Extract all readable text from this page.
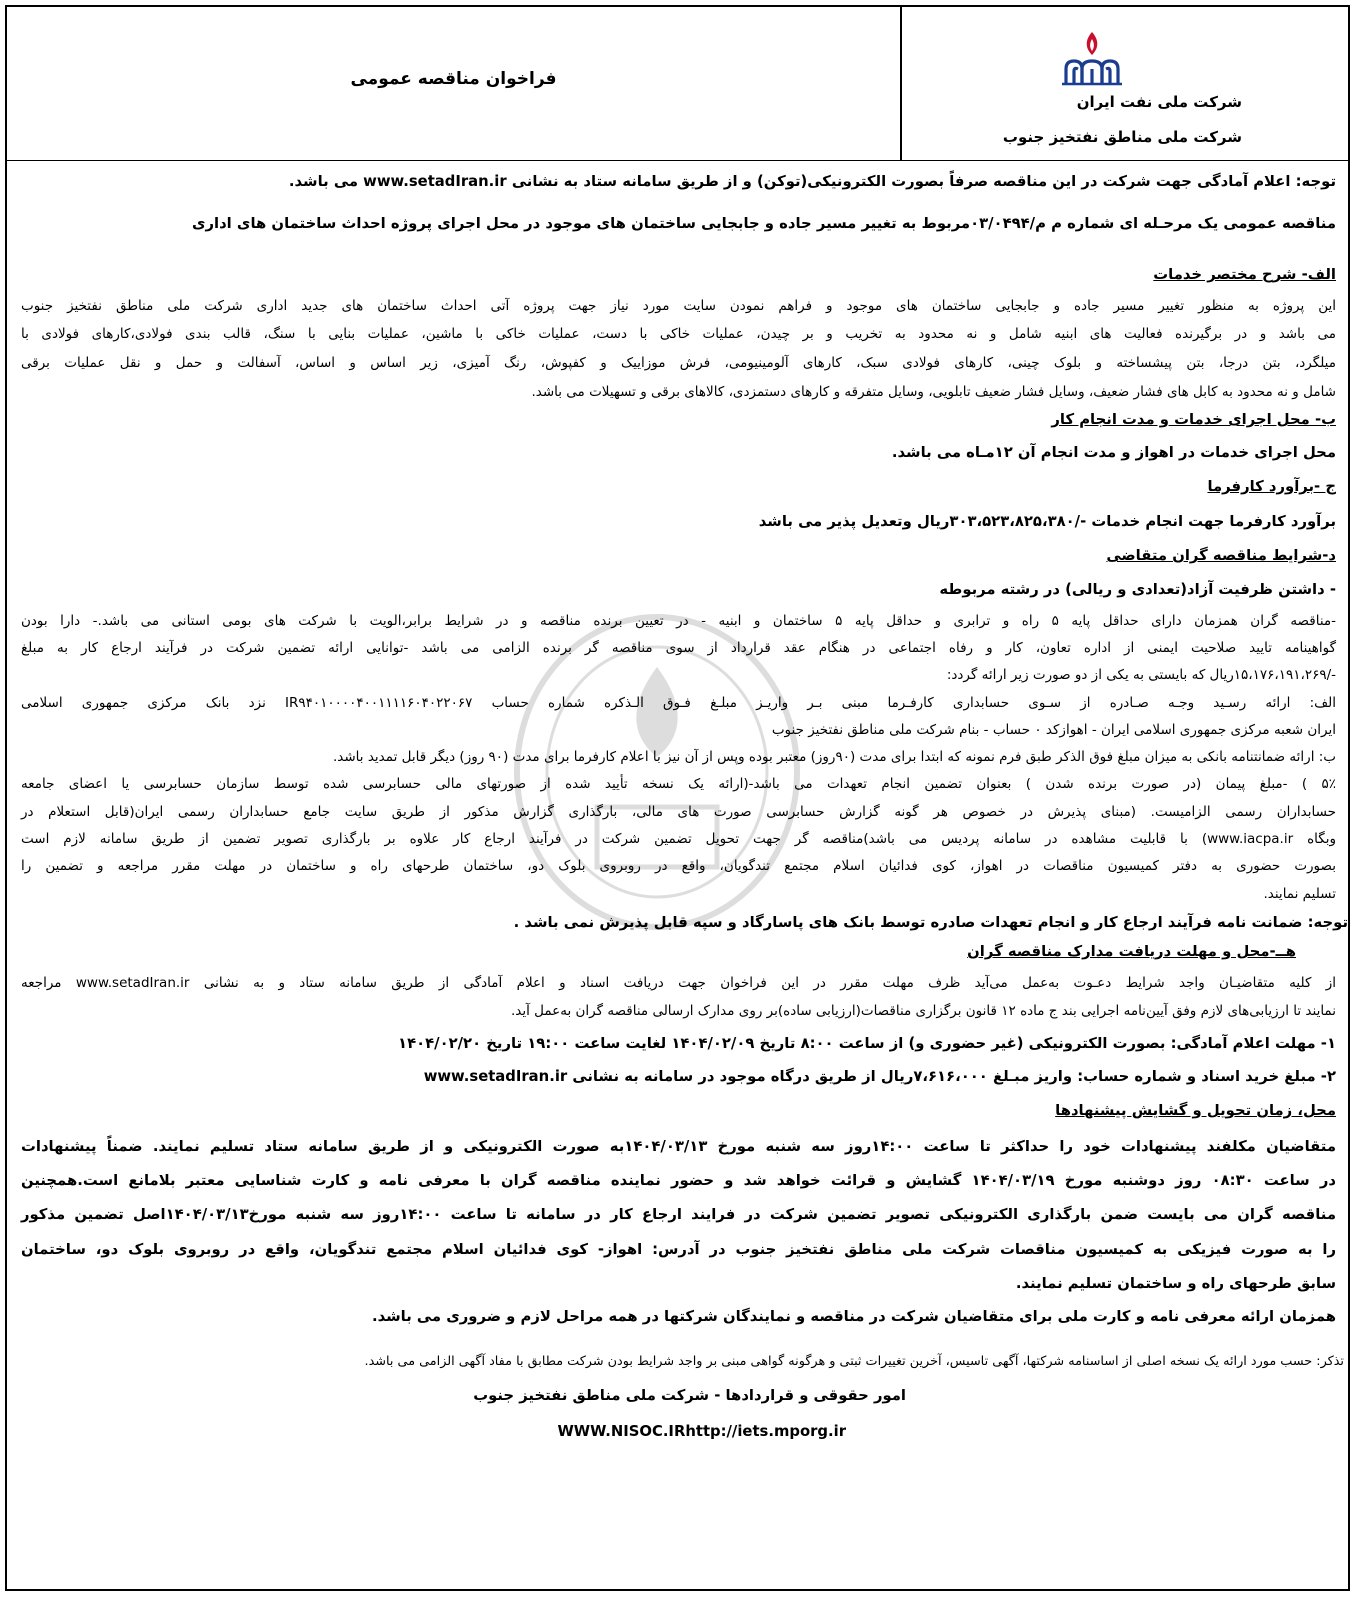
فراخوان مناقصه عمومی
شرکت ملی نفت ایران
شرکت ملی مناطق نفتخیز جنوب
توجه: اعلام آمادگی جهت شرکت در این مناقصه صرفاً بصورت الکترونیکی(توکن) و از طریق سامانه ستاد به نشانی www.setadIran.ir می باشد.
مناقصه عمومی یک مرحـله ای شماره م م/۰۳/۰۴۹۴مربوط به تغییر مسیر جاده و جابجایی ساختمان های موجود در محل اجرای پروژه احداث ساختمان های اداری
الف- شرح مختصر خدمات
این پروژه به منظور تغییر مسیر جاده و جابجایی ساختمان های موجود و فراهم نمودن سایت مورد نیاز جهت پروژه آتی احداث ساختمان های جدید اداری شرکت ملی مناطق نفتخیز جنوب
می باشد و در برگیرنده فعالیت های ابنیه شامل و نه محدود به تخریب و بر چیدن، عملیات خاکی با دست، عملیات خاکی با ماشین، عملیات بنایی با سنگ، قالب بندی فولادی،کارهای فولادی با
میلگرد، بتن درجا، بتن پیشساخته و بلوک چینی، کارهای فولادی سبک، کارهای آلومینیومی، فرش موزاییک و کفپوش، رنگ آمیزی، زیر اساس و اساس، آسفالت و حمل و نقل عملیات برقی
شامل و نه محدود به کابل های فشار ضعیف، وسایل فشار ضعیف تابلویی، وسایل متفرقه و کارهای دستمزدی، کالاهای برقی و تسهیلات می باشد.
ب- محل اجرای خدمات و مدت انجام کار
محل اجرای خدمات در اهواز و مدت انجام آن ۱۲مـاه می باشد.
ج -برآورد کارفرما
برآورد کارفرما جهت انجام خدمات -/۳۰۳،۵۲۳،۸۲۵،۳۸۰ریال وتعدیل پذیر می باشد
د-شرایط مناقصه گران متقاضی
- داشتن ظرفیت آزاد(تعدادی و ریالی) در رشته مربوطه
-مناقصه گران همزمان دارای حداقل پایه ۵ راه و ترابری و حداقل پایه ۵ ساختمان و ابنیه - در تعیین برنده مناقصه و در شرایط برابر،الویت با شرکت های بومی استانی می باشد.- دارا بودن
گواهینامه تایید صلاحیت ایمنی از اداره تعاون، کار و رفاه اجتماعی در هنگام عقد قرارداد از سوی مناقصه گر برنده الزامی می باشد -توانایی ارائه تضمین شرکت در فرآیند ارجاع کار به مبلغ
-/۱۵،۱۷۶،۱۹۱،۲۶۹ریال که بایستی به یکی از دو صورت زیر ارائه گردد:
الف: ارائه رسـید وجـه صـادره از سـوی حسابداری کارفـرما مبنی بـر واریـز مبلـغ فـوق الـذکره شماره حساب IR۹۴۰۱۰۰۰۰۴۰۰۱۱۱۱۶۰۴۰۲۲۰۶۷ نزد بانک مرکزی جمهوری اسلامی
ایران شعبه مرکزی جمهوری اسلامی ایران - اهوازکد ۰ حساب - بنام شرکت ملی مناطق نفتخیز جنوب
ب: ارائه ضمانتنامه بانکی به میزان مبلغ فوق الذکر طبق فرم نمونه که ابتدا برای مدت (۹۰روز) معتبر بوده وپس از آن نیز با اعلام کارفرما برای مدت (۹۰ روز) دیگر قابل تمدید باشد.
۵٪ ) -مبلغ پیمان (در صورت برنده شدن ) بعنوان تضمین انجام تعهدات می باشد-(ارائه یک نسخه تأیید شده از صورتهای مالی حسابرسی شده توسط سازمان حسابرسی یا اعضای جامعه
حسابداران رسمی الزامیست. (مبنای پذیرش در خصوص هر گونه گزارش حسابرسی صورت های مالی، بارگذاری گزارش مذکور از طریق سایت جامع حسابداران رسمی ایران(قابل استعلام در
وبگاه www.iacpa.ir) با قابلیت مشاهده در سامانه پردیس می باشد)مناقصه گر جهت تحویل تضمین شرکت در فرآیند ارجاع کار علاوه بر بارگذاری تصویر تضمین از طریق سامانه لازم است
بصورت حضوری به دفتر کمیسیون مناقصات در اهواز، کوی فدائیان اسلام مجتمع تندگویان، واقع در روبروی بلوک دو، ساختمان طرحهای راه و ساختمان در مهلت مقرر مراجعه و تضمین را
تسلیم نمایند.
توجه: ضمانت نامه فرآیند ارجاع کار و انجام تعهدات صادره توسط بانک های پاسارگاد و سپه قابل پذیرش نمی باشد .
هــ-محل و مهلت دریافت مدارک مناقصه گران
از کلیه متقاضیـان واجد شرایط دعـوت به‌عمل می‌آید ظرف مهلت مقرر در این فراخوان جهت دریافت اسناد و اعلام آمادگی از طریق سامانه ستاد و به نشانی www.setadIran.ir مراجعه
نمایند تا ارزیابی‌های لازم وفق آیین‌نامه اجرایی بند ج ماده ۱۲ قانون برگزاری مناقصات(ارزیابی ساده)بر روی مدارک ارسالی مناقصه گران به‌عمل آید.
۱- مهلت اعلام آمادگی: بصورت الکترونیکی (غیر حضوری و) از ساعت ۸:۰۰ تاریخ ۱۴۰۴/۰۲/۰۹ لغایت ساعت ۱۹:۰۰ تاریخ ۱۴۰۴/۰۲/۲۰
۲- مبلغ خرید اسناد و شماره حساب: واریز مبـلغ ۷،۶۱۶،۰۰۰ریال از طریق درگاه موجود در سامانه به نشانی www.setadIran.ir
محل، زمان تحویل و گشایش پیشنهادها
متقاضیان مکلفند پیشنهادات خود را حداکثر تا ساعت ۱۴:۰۰روز سه شنبه مورخ ۱۴۰۴/۰۳/۱۳به صورت الکترونیکی و از طریق سامانه ستاد تسلیم نمایند. ضمناً پیشنهادات
در ساعت ۰۸:۳۰ روز دوشنبه مورخ ۱۴۰۴/۰۳/۱۹ گشایش و قرائت خواهد شد و حضور نماینده مناقصه گران با معرفی نامه و کارت شناسایی معتبر بلامانع است.همچنین
مناقصه گران می بایست ضمن بارگذاری الکترونیکی تصویر تضمین شرکت در فرایند ارجاع کار در سامانه تا ساعت ۱۴:۰۰روز سه شنبه مورخ۱۴۰۴/۰۳/۱۳اصل تضمین مذکور
را به صورت فیزیکی به کمیسیون مناقصات شرکت ملی مناطق نفتخیز جنوب در آدرس: اهواز- کوی فدائیان اسلام مجتمع تندگویان، واقع در روبروی بلوک دو، ساختمان
سابق طرحهای راه و ساختمان تسلیم نمایند.
همزمان ارائه معرفی نامه و کارت ملی برای متقاضیان شرکت در مناقصه و نمایندگان شرکتها در همه مراحل لازم و ضروری می باشد.
تذکر: حسب مورد ارائه یک نسخه اصلی از اساسنامه شرکتها، آگهی تاسیس، آخرین تغییرات ثبتی و هرگونه گواهی مبنی بر واجد شرایط بودن شرکت مطابق با مفاد آگهی الزامی می باشد.
امور حقوقی و قراردادها - شرکت ملی مناطق نفتخیز جنوب
WWW.NISOC.IRhttp://iets.mporg.ir
